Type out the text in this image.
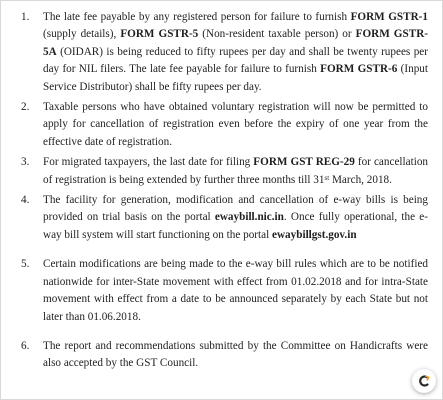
1.	The late fee payable by any registered person for failure to furnish FORM GSTR-1 (supply details), FORM GSTR-5 (Non-resident taxable person) or FORM GSTR-5A (OIDAR) is being reduced to fifty rupees per day and shall be twenty rupees per day for NIL filers. The late fee payable for failure to furnish FORM GSTR-6 (Input Service Distributor) shall be fifty rupees per day.
2.	Taxable persons who have obtained voluntary registration will now be permitted to apply for cancellation of registration even before the expiry of one year from the effective date of registration.
3.	For migrated taxpayers, the last date for filing FORM GST REG-29 for cancellation of registration is being extended by further three months till 31st March, 2018.
4.	The facility for generation, modification and cancellation of e-way bills is being provided on trial basis on the portal ewaybill.nic.in. Once fully operational, the e-way bill system will start functioning on the portal ewaybillgst.gov.in
5.	Certain modifications are being made to the e-way bill rules which are to be notified nationwide for inter-State movement with effect from 01.02.2018 and for intra-State movement with effect from a date to be announced separately by each State but not later than 01.06.2018.
6.	The report and recommendations submitted by the Committee on Handicrafts were also accepted by the GST Council.
